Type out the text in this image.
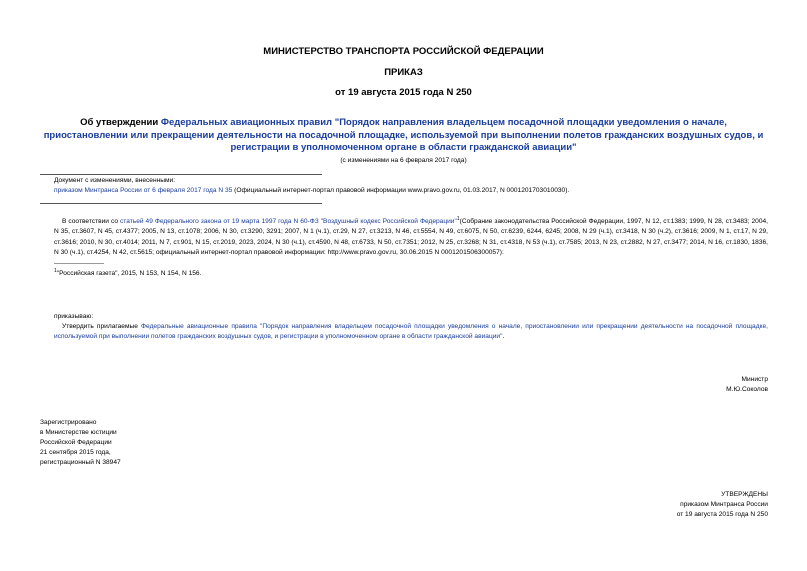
МИНИСТЕРСТВО ТРАНСПОРТА РОССИЙСКОЙ ФЕДЕРАЦИИ
ПРИКАЗ
от 19 августа 2015 года N 250
Об утверждении Федеральных авиационных правил "Порядок направления владельцем посадочной площадки уведомления о начале, приостановлении или прекращении деятельности на посадочной площадке, используемой при выполнении полетов гражданских воздушных судов, и регистрации в уполномоченном органе в области гражданской авиации"
(с изменениями на 6 февраля 2017 года)
Документ с изменениями, внесенными:
приказом Минтранса России от 6 февраля 2017 года N 35 (Официальный интернет-портал правовой информации www.pravo.gov.ru, 01.03.2017, N 0001201703010030).
В соответствии со статьей 49 Федерального закона от 19 марта 1997 года N 60-ФЗ "Воздушный кодекс Российской Федерации"$^1$(Собрание законодательства Российской Федерации, 1997, N 12, ст.1383; 1999, N 28, ст.3483; 2004, N 35, ст.3607, N 45, ст.4377; 2005, N 13, ст.1078; 2006, N 30, ст.3290, 3291; 2007, N 1 (ч.1), ст.29, N 27, ст.3213, N 46, ст.5554, N 49, ст.6075, N 50, ст.6239, 6244, 6245; 2008, N 29 (ч.1), ст.3418, N 30 (ч.2), ст.3616; 2009, N 1, ст.17, N 29, ст.3616; 2010, N 30, ст.4014; 2011, N 7, ст.901, N 15, ст.2019, 2023, 2024, N 30 (ч.1), ст.4590, N 48, ст.6733, N 50, ст.7351; 2012, N 25, ст.3268; N 31, ст.4318, N 53 (ч.1), ст.7585; 2013, N 23, ст.2882, N 27, ст.3477; 2014, N 16, ст.1830, 1836, N 30 (ч.1), ст.4254, N 42, ст.5615; официальный интернет-портал правовой информации: http://www.pravo.gov.ru, 30.06.2015 N 0001201506300057):
$^1$"Российская газета", 2015, N 153, N 154, N 156.
приказываю:
Утвердить прилагаемые Федеральные авиационные правила "Порядок направления владельцем посадочной площадки уведомления о начале, приостановлении или прекращении деятельности на посадочной площадке, используемой при выполнении полетов гражданских воздушных судов, и регистрации в уполномоченном органе в области гражданской авиации".
Министр
М.Ю.Соколов
Зарегистрировано
в Министерстве юстиции
Российской Федерации
21 сентября 2015 года,
регистрационный N 38947
УТВЕРЖДЕНЫ
приказом Минтранса России
от 19 августа 2015 года N 250
